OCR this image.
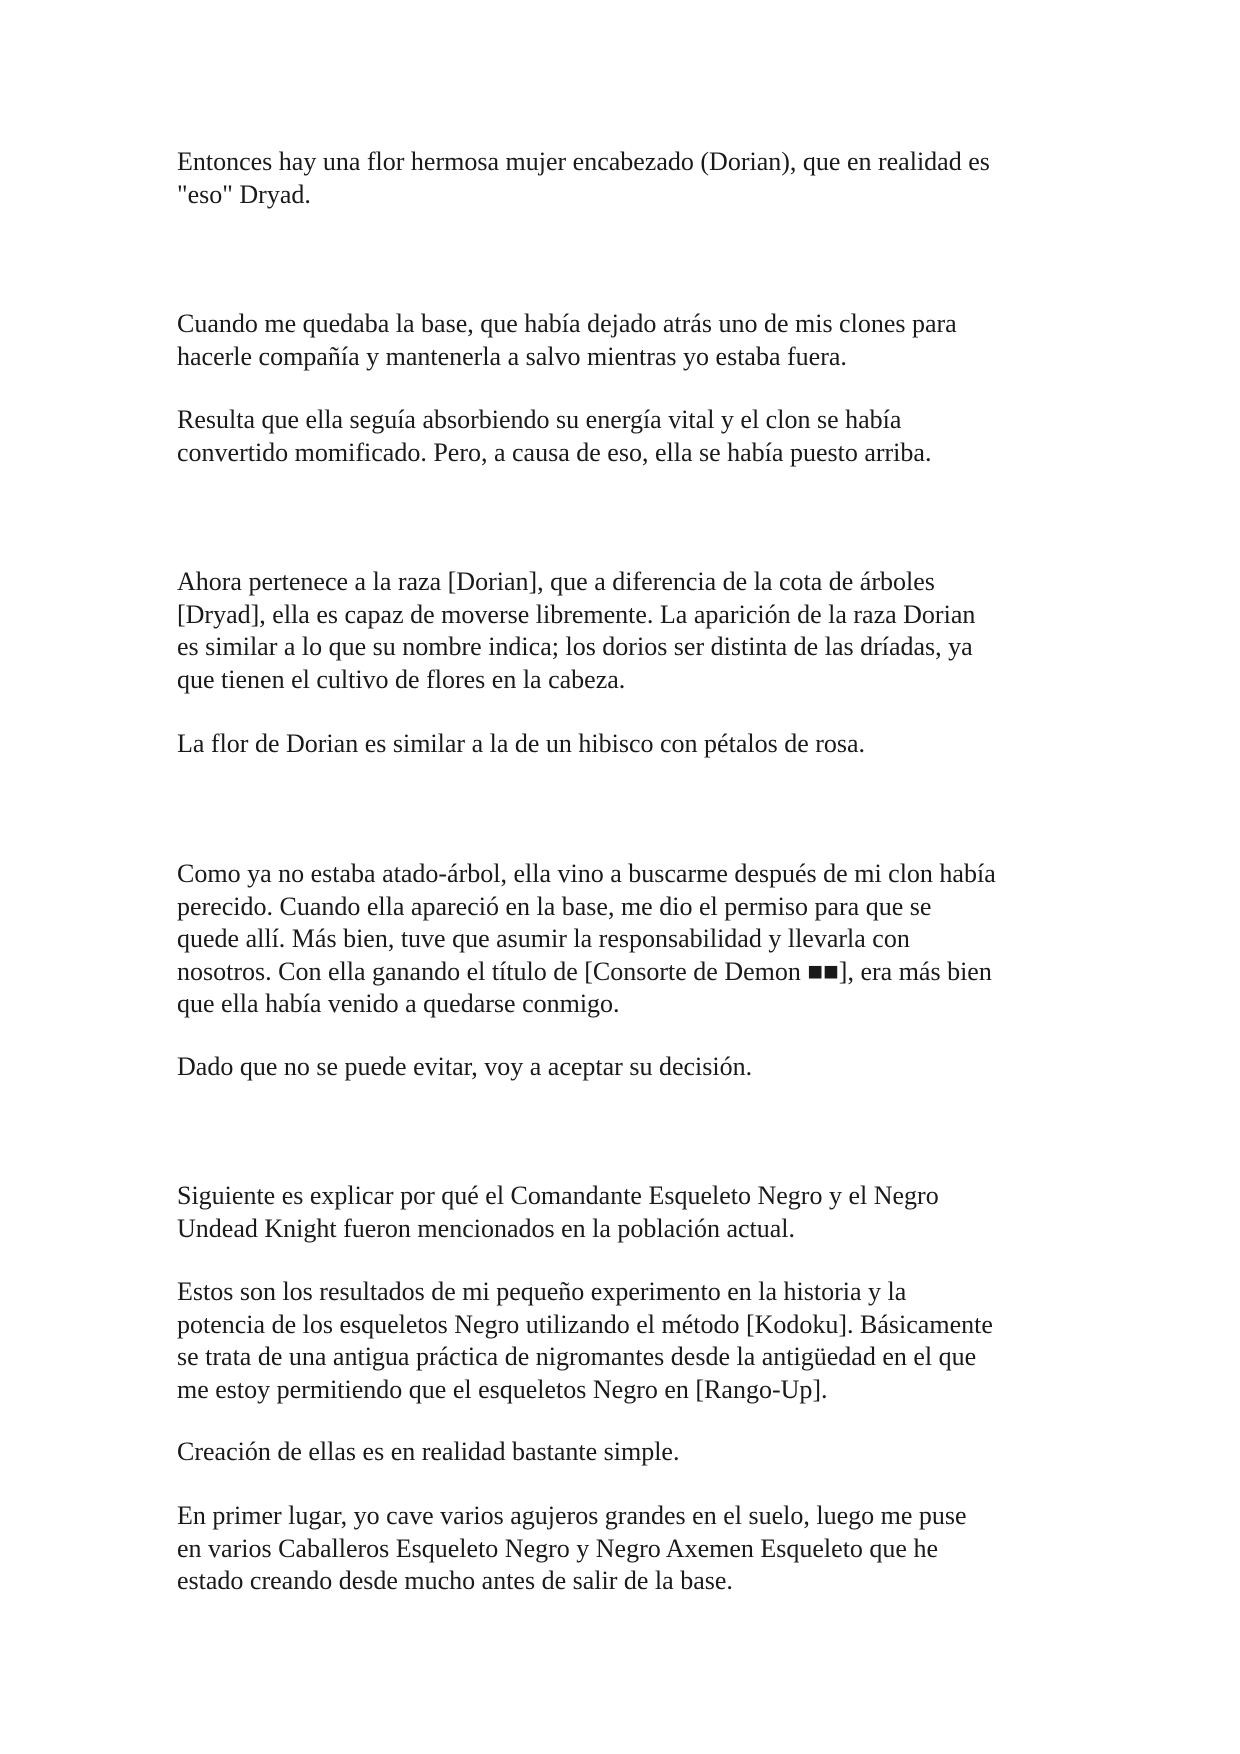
Entonces hay una flor hermosa mujer encabezado (Dorian), que en realidad es
"eso" Dryad.

Cuando me quedaba la base, que había dejado atrás uno de mis clones para
hacerle compañía y mantenerla a salvo mientras yo estaba fuera.

Resulta que ella seguía absorbiendo su energía vital y el clon se había
convertido momificado. Pero, a causa de eso, ella se había puesto arriba.

Ahora pertenece a la raza [Dorian], que a diferencia de la cota de árboles
[Dryad], ella es capaz de moverse libremente. La aparición de la raza Dorian
es similar a lo que su nombre indica; los dorios ser distinta de las dríadas, ya
que tienen el cultivo de flores en la cabeza.

La flor de Dorian es similar a la de un hibisco con pétalos de rosa.

Como ya no estaba atado-árbol, ella vino a buscarme después de mi clon había
perecido. Cuando ella apareció en la base, me dio el permiso para que se
quede allí. Más bien, tuve que asumir la responsabilidad y llevarla con
nosotros. Con ella ganando el título de [Consorte de Demon ■■], era más bien
que ella había venido a quedarse conmigo.

Dado que no se puede evitar, voy a aceptar su decisión.

Siguiente es explicar por qué el Comandante Esqueleto Negro y el Negro
Undead Knight fueron mencionados en la población actual.

Estos son los resultados de mi pequeño experimento en la historia y la
potencia de los esqueletos Negro utilizando el método [Kodoku]. Básicamente
se trata de una antigua práctica de nigromantes desde la antigüedad en el que
me estoy permitiendo que el esqueletos Negro en [Rango-Up].

Creación de ellas es en realidad bastante simple.

En primer lugar, yo cave varios agujeros grandes en el suelo, luego me puse
en varios Caballeros Esqueleto Negro y Negro Axemen Esqueleto que he
estado creando desde mucho antes de salir de la base.
